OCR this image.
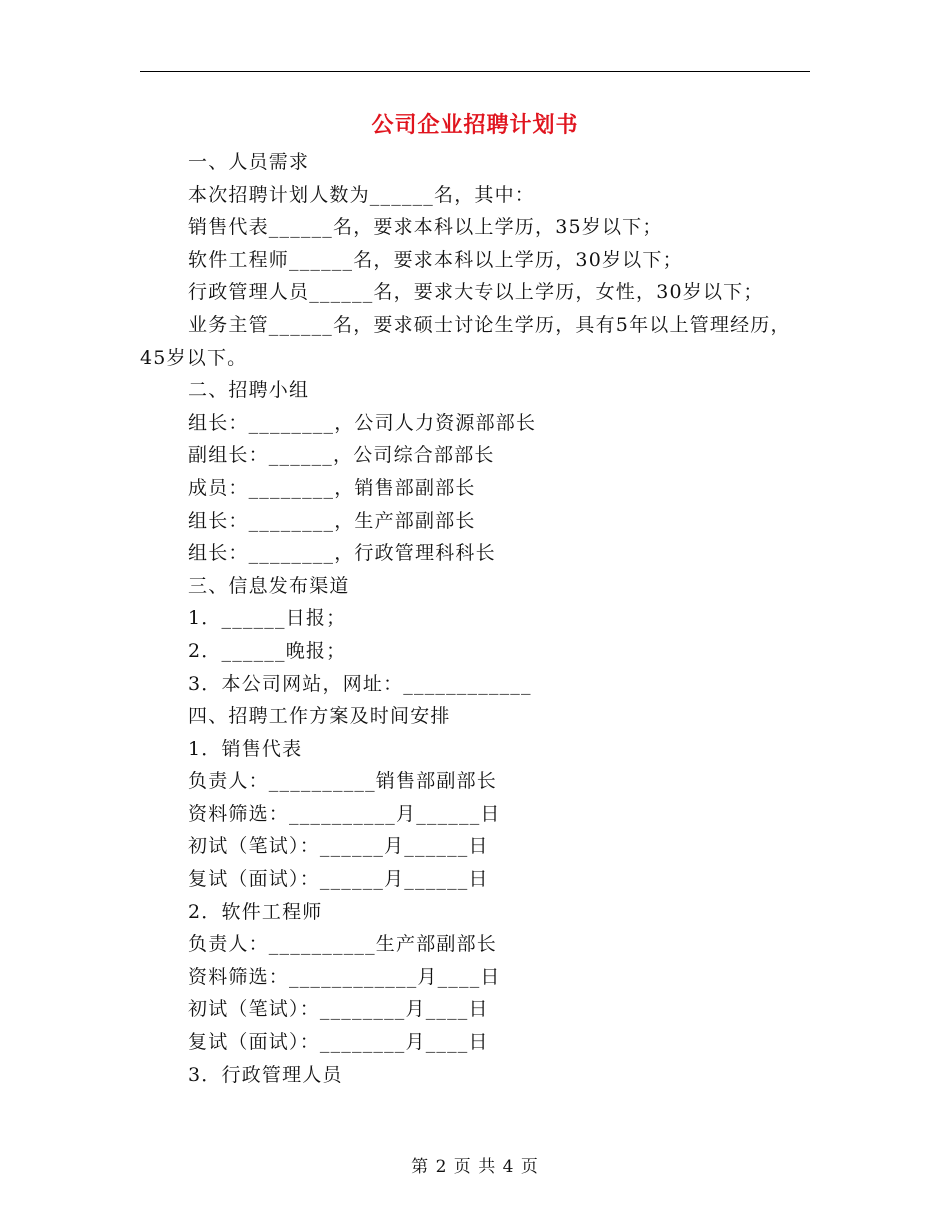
公司企业招聘计划书

一、人员需求

本次招聘计划人数为______名，其中：

销售代表______名，要求本科以上学历，35岁以下；

软件工程师______名，要求本科以上学历，30岁以下；

行政管理人员______名，要求大专以上学历，女性，30岁以下；

业务主管______名，要求硕士讨论生学历，具有5年以上管理经历，45岁以下。

二、招聘小组

组长：________，公司人力资源部部长

副组长：______，公司综合部部长

成员：________，销售部副部长

组长：________，生产部副部长

组长：________，行政管理科科长

三、信息发布渠道

1．______日报；

2．______晚报；

3．本公司网站，网址：____________

四、招聘工作方案及时间安排

1．销售代表

负责人：__________销售部副部长

资料筛选：__________月______日

初试（笔试）：______月______日

复试（面试）：______月______日

2．软件工程师

负责人：__________生产部副部长

资料筛选：____________月____日

初试（笔试）：________月____日

复试（面试）：________月____日

3．行政管理人员

第 2 页 共 4 页
